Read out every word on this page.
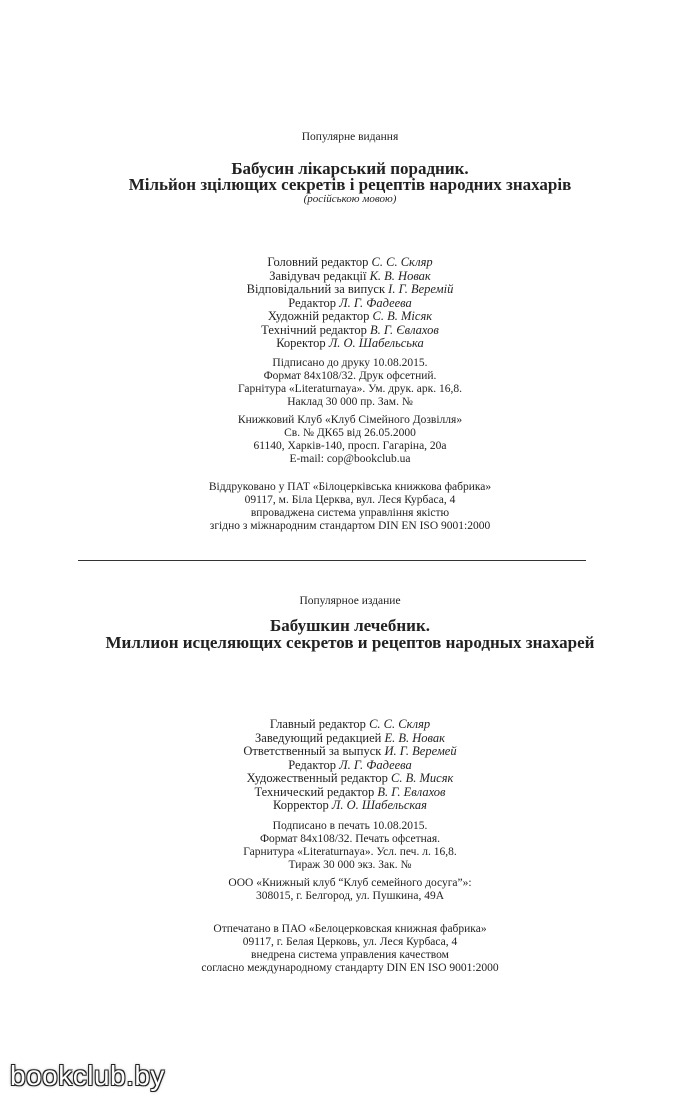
Популярне видання
Бабусин лікарський порадник.
Мільйон зцілющих секретів і рецептів народних знахарів
(російською мовою)
Головний редактор С. С. Скляр
Завідувач редакції К. В. Новак
Відповідальний за випуск І. Г. Веремій
Редактор Л. Г. Фадеева
Художній редактор С. В. Місяк
Технічний редактор В. Г. Євлахов
Коректор Л. О. Шабельська
Підписано до друку 10.08.2015.
Формат 84x108/32. Друк офсетний.
Гарнітура «Literaturnaya». Ум. друк. арк. 16,8.
Наклад 30 000 пр. Зам. №
Книжковий Клуб «Клуб Сімейного Дозвілля»
Св. № ДК65 від 26.05.2000
61140, Харків-140, просп. Гагаріна, 20а
E-mail: cop@bookclub.ua
Віддруковано у ПАТ «Білоцерківська книжкова фабрика»
09117, м. Біла Церква, вул. Леся Курбаса, 4
впроваджена система управління якістю
згідно з міжнародним стандартом DIN EN ISO 9001:2000
Популярное издание
Бабушкин лечебник.
Миллион исцеляющих секретов и рецептов народных знахарей
Главный редактор С. С. Скляр
Заведующий редакцией Е. В. Новак
Ответственный за выпуск И. Г. Веремей
Редактор Л. Г. Фадеева
Художественный редактор С. В. Мисяк
Технический редактор В. Г. Евлахов
Корректор Л. О. Шабельская
Подписано в печать 10.08.2015.
Формат 84x108/32. Печать офсетная.
Гарнитура «Literaturnaya». Усл. печ. л. 16,8.
Тираж 30 000 экз. Зак. №
ООО «Книжный клуб “Клуб семейного досуга”»:
308015, г. Белгород, ул. Пушкина, 49А
Отпечатано в ПАО «Белоцерковская книжная фабрика»
09117, г. Белая Церковь, ул. Леся Курбаса, 4
внедрена система управления качеством
согласно международному стандарту DIN EN ISO 9001:2000
bookclub.by
